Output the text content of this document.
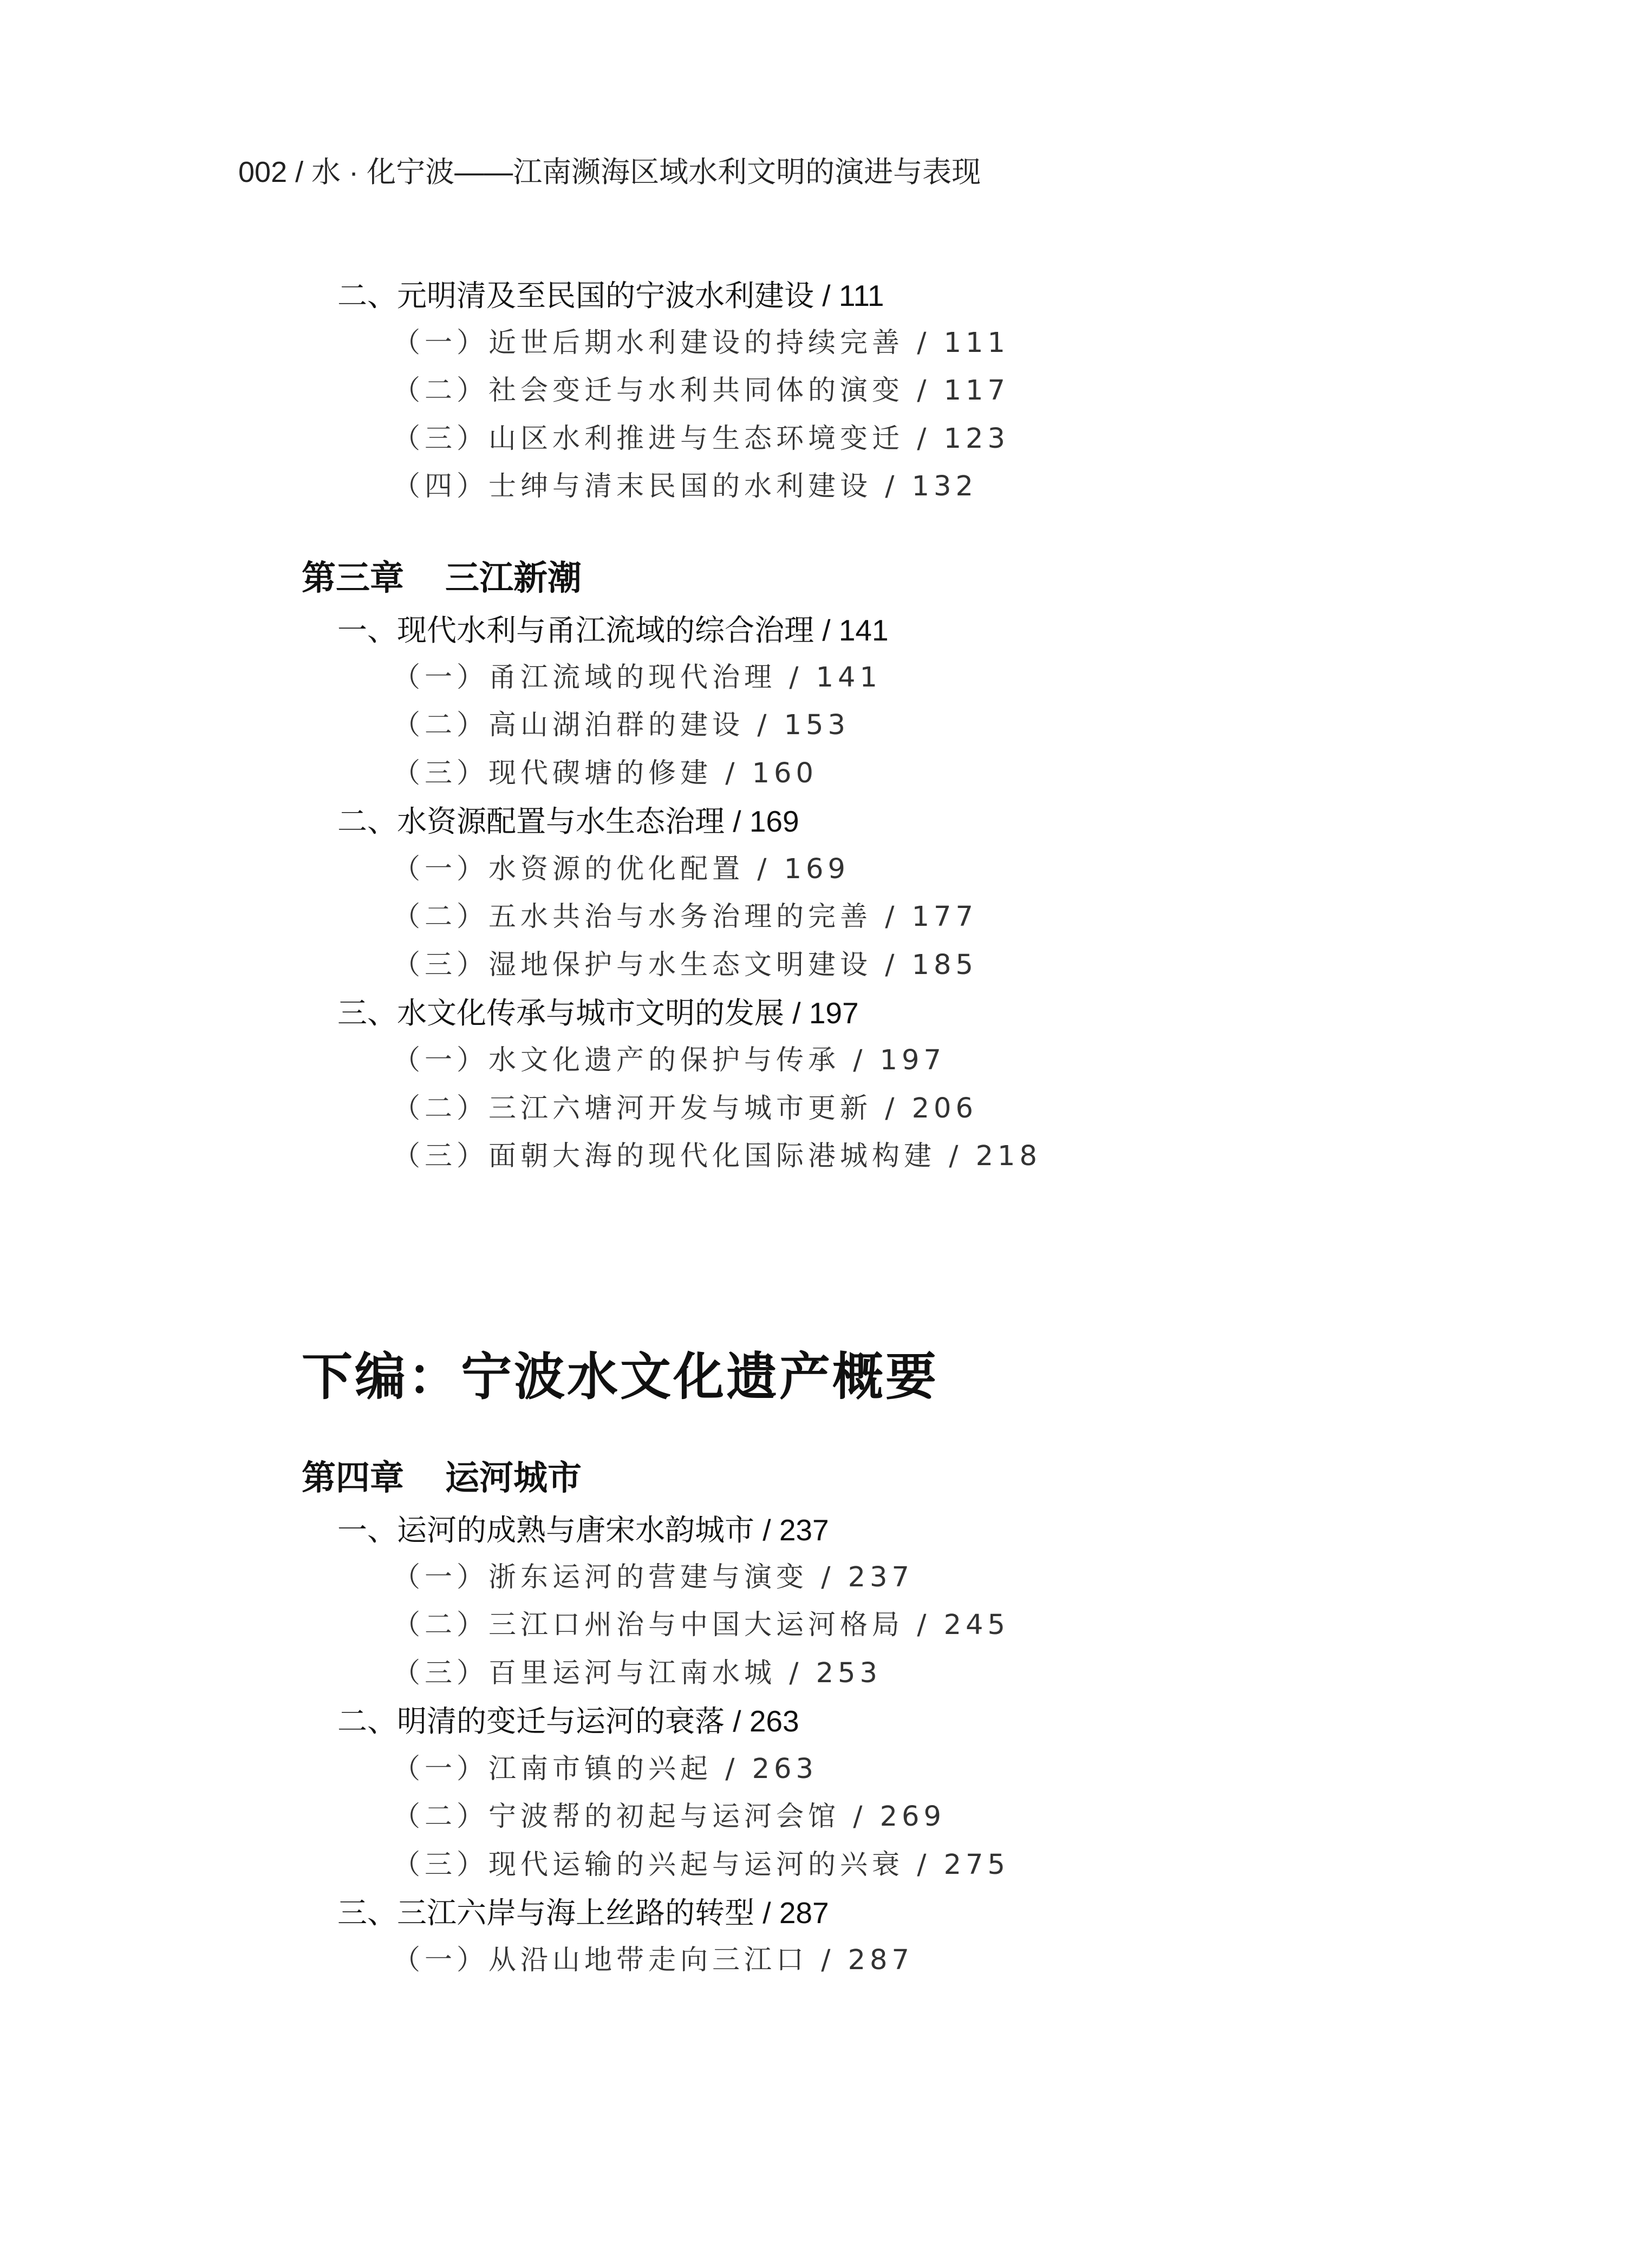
002 / 水 · 化宁波——江南濒海区域水利文明的演进与表现
二、元明清及至民国的宁波水利建设 / 111
（一）近世后期水利建设的持续完善 / 111
（二）社会变迁与水利共同体的演变 / 117
（三）山区水利推进与生态环境变迁 / 123
（四）士绅与清末民国的水利建设 / 132
第三章 三江新潮
一、现代水利与甬江流域的综合治理 / 141
（一）甬江流域的现代治理 / 141
（二）高山湖泊群的建设 / 153
（三）现代碶塘的修建 / 160
二、水资源配置与水生态治理 / 169
（一）水资源的优化配置 / 169
（二）五水共治与水务治理的完善 / 177
（三）湿地保护与水生态文明建设 / 185
三、水文化传承与城市文明的发展 / 197
（一）水文化遗产的保护与传承 / 197
（二）三江六塘河开发与城市更新 / 206
（三）面朝大海的现代化国际港城构建 / 218
下编：宁波水文化遗产概要
第四章 运河城市
一、运河的成熟与唐宋水韵城市 / 237
（一）浙东运河的营建与演变 / 237
（二）三江口州治与中国大运河格局 / 245
（三）百里运河与江南水城 / 253
二、明清的变迁与运河的衰落 / 263
（一）江南市镇的兴起 / 263
（二）宁波帮的初起与运河会馆 / 269
（三）现代运输的兴起与运河的兴衰 / 275
三、三江六岸与海上丝路的转型 / 287
（一）从沿山地带走向三江口 / 287
